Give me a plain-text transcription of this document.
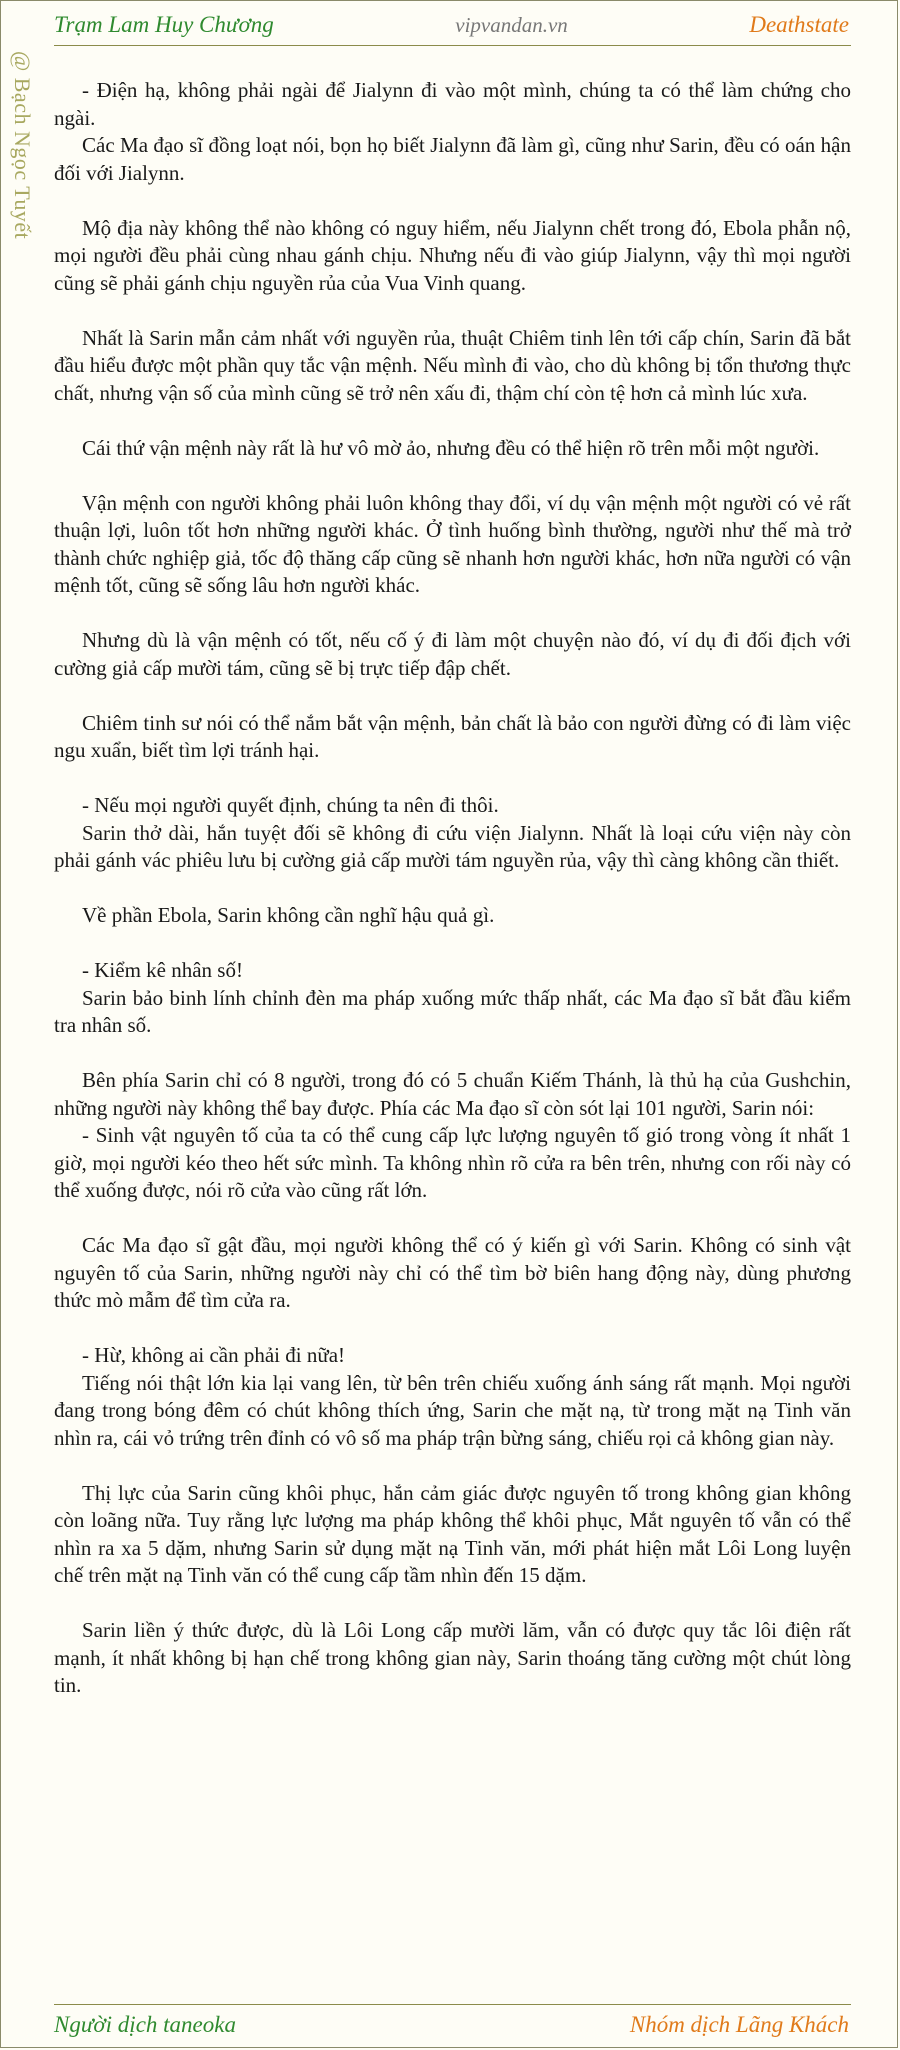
Trạm Lam Huy Chương	vipvandan.vn	Deathstate
@ Bạch Ngọc Tuyết	- Điện hạ, không phải ngài để Jialynn đi vào một mình, chúng ta có thể làm chứng cho ngài.

Các Ma đạo sĩ đồng loạt nói, bọn họ biết Jialynn đã làm gì, cũng như Sarin, đều có oán hận đối với Jialynn.

Mộ địa này không thể nào không có nguy hiểm, nếu Jialynn chết trong đó, Ebola phẫn nộ, mọi người đều phải cùng nhau gánh chịu. Nhưng nếu đi vào giúp Jialynn, vậy thì mọi người cũng sẽ phải gánh chịu nguyền rủa của Vua Vinh quang.

Nhất là Sarin mẫn cảm nhất với nguyền rủa, thuật Chiêm tinh lên tới cấp chín, Sarin đã bắt đầu hiểu được một phần quy tắc vận mệnh. Nếu mình đi vào, cho dù không bị tổn thương thực chất, nhưng vận số của mình cũng sẽ trở nên xấu đi, thậm chí còn tệ hơn cả mình lúc xưa.

Cái thứ vận mệnh này rất là hư vô mờ ảo, nhưng đều có thể hiện rõ trên mỗi một người.

Vận mệnh con người không phải luôn không thay đổi, ví dụ vận mệnh một người có vẻ rất thuận lợi, luôn tốt hơn những người khác. Ở tình huống bình thường, người như thế mà trở thành chức nghiệp giả, tốc độ thăng cấp cũng sẽ nhanh hơn người khác, hơn nữa người có vận mệnh tốt, cũng sẽ sống lâu hơn người khác.

Nhưng dù là vận mệnh có tốt, nếu cố ý đi làm một chuyện nào đó, ví dụ đi đối địch với cường giả cấp mười tám, cũng sẽ bị trực tiếp đập chết.

Chiêm tinh sư nói có thể nắm bắt vận mệnh, bản chất là bảo con người đừng có đi làm việc ngu xuẩn, biết tìm lợi tránh hại.

- Nếu mọi người quyết định, chúng ta nên đi thôi.

Sarin thở dài, hắn tuyệt đối sẽ không đi cứu viện Jialynn. Nhất là loại cứu viện này còn phải gánh vác phiêu lưu bị cường giả cấp mười tám nguyền rủa, vậy thì càng không cần thiết.

Về phần Ebola, Sarin không cần nghĩ hậu quả gì.

- Kiểm kê nhân số!

Sarin bảo binh lính chỉnh đèn ma pháp xuống mức thấp nhất, các Ma đạo sĩ bắt đầu kiểm tra nhân số.

Bên phía Sarin chỉ có 8 người, trong đó có 5 chuẩn Kiếm Thánh, là thủ hạ của Gushchin, những người này không thể bay được. Phía các Ma đạo sĩ còn sót lại 101 người, Sarin nói:

- Sinh vật nguyên tố của ta có thể cung cấp lực lượng nguyên tố gió trong vòng ít nhất 1 giờ, mọi người kéo theo hết sức mình. Ta không nhìn rõ cửa ra bên trên, nhưng con rối này có thể xuống được, nói rõ cửa vào cũng rất lớn.

Các Ma đạo sĩ gật đầu, mọi người không thể có ý kiến gì với Sarin. Không có sinh vật nguyên tố của Sarin, những người này chỉ có thể tìm bờ biên hang động này, dùng phương thức mò mẫm để tìm cửa ra.

- Hừ, không ai cần phải đi nữa!

Tiếng nói thật lớn kia lại vang lên, từ bên trên chiếu xuống ánh sáng rất mạnh. Mọi người đang trong bóng đêm có chút không thích ứng, Sarin che mặt nạ, từ trong mặt nạ Tinh văn nhìn ra, cái vỏ trứng trên đỉnh có vô số ma pháp trận bừng sáng, chiếu rọi cả không gian này.

Thị lực của Sarin cũng khôi phục, hắn cảm giác được nguyên tố trong không gian không còn loãng nữa. Tuy rằng lực lượng ma pháp không thể khôi phục, Mắt nguyên tố vẫn có thể nhìn ra xa 5 dặm, nhưng Sarin sử dụng mặt nạ Tinh văn, mới phát hiện mắt Lôi Long luyện chế trên mặt nạ Tinh văn có thể cung cấp tầm nhìn đến 15 dặm.

Sarin liền ý thức được, dù là Lôi Long cấp mười lăm, vẫn có được quy tắc lôi điện rất mạnh, ít nhất không bị hạn chế trong không gian này, Sarin thoáng tăng cường một chút lòng tin.

Người dịch taneoka	Nhóm dịch Lãng Khách
